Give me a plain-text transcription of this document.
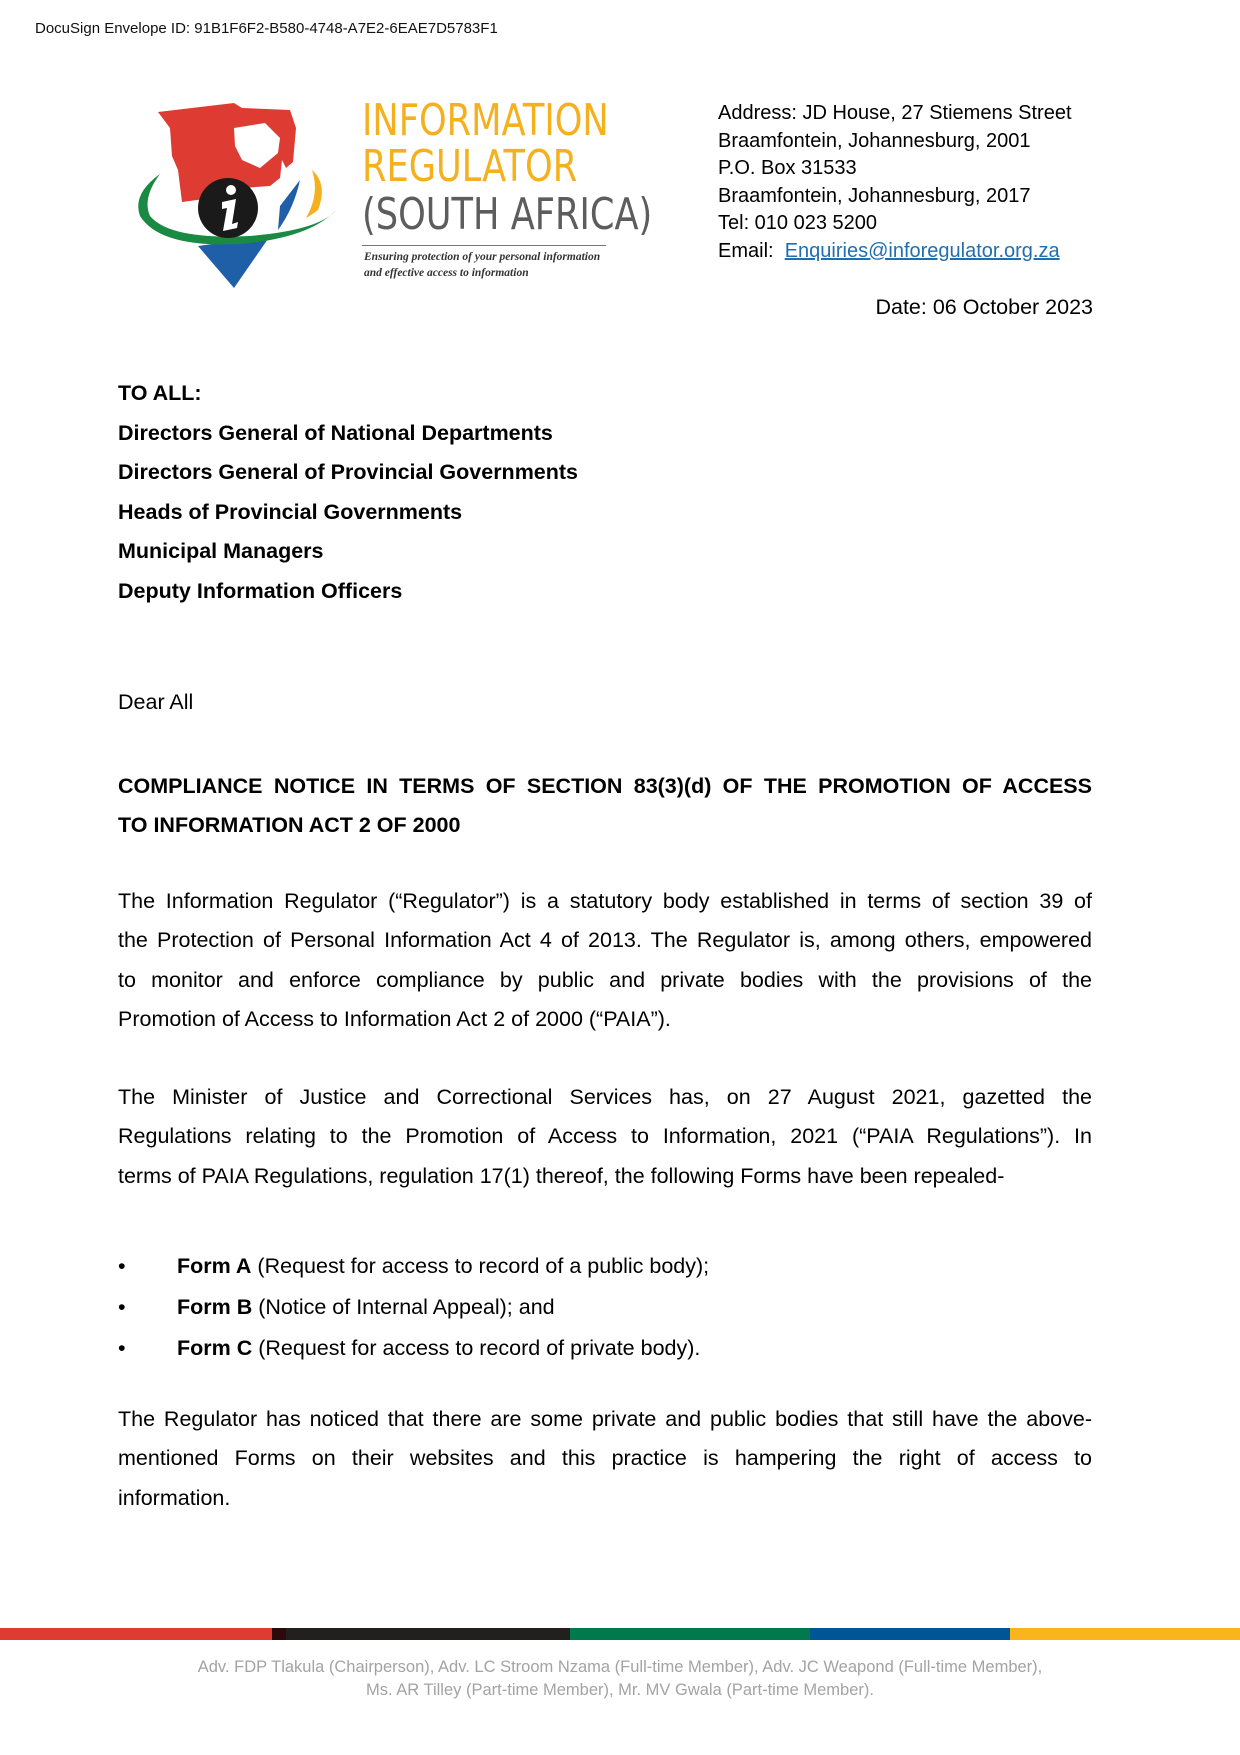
DocuSign Envelope ID: 91B1F6F2-B580-4748-A7E2-6EAE7D5783F1
INFORMATION
REGULATOR
(SOUTH AFRICA)
Ensuring protection of your personal information
and effective access to information
Address: JD House, 27 Stiemens Street
Braamfontein, Johannesburg, 2001
P.O. Box 31533
Braamfontein, Johannesburg, 2017
Tel: 010 023 5200
Email: Enquiries@inforegulator.org.za
Date: 06 October 2023
TO ALL:
Directors General of National Departments
Directors General of Provincial Governments
Heads of Provincial Governments
Municipal Managers
Deputy Information Officers
Dear All
COMPLIANCE NOTICE IN TERMS OF SECTION 83(3)(d) OF THE PROMOTION OF ACCESS
TO INFORMATION ACT 2 OF 2000
The Information Regulator (“Regulator”) is a statutory body established in terms of section 39 of
the Protection of Personal Information Act 4 of 2013. The Regulator is, among others, empowered
to monitor and enforce compliance by public and private bodies with the provisions of the
Promotion of Access to Information Act 2 of 2000 (“PAIA”).
The Minister of Justice and Correctional Services has, on 27 August 2021, gazetted the
Regulations relating to the Promotion of Access to Information, 2021 (“PAIA Regulations”). In
terms of PAIA Regulations, regulation 17(1) thereof, the following Forms have been repealed-
• Form A (Request for access to record of a public body);
• Form B (Notice of Internal Appeal); and
• Form C (Request for access to record of private body).
The Regulator has noticed that there are some private and public bodies that still have the above-
mentioned Forms on their websites and this practice is hampering the right of access to
information.
Adv. FDP Tlakula (Chairperson), Adv. LC Stroom Nzama (Full-time Member), Adv. JC Weapond (Full-time Member),
Ms. AR Tilley (Part-time Member), Mr. MV Gwala (Part-time Member).
